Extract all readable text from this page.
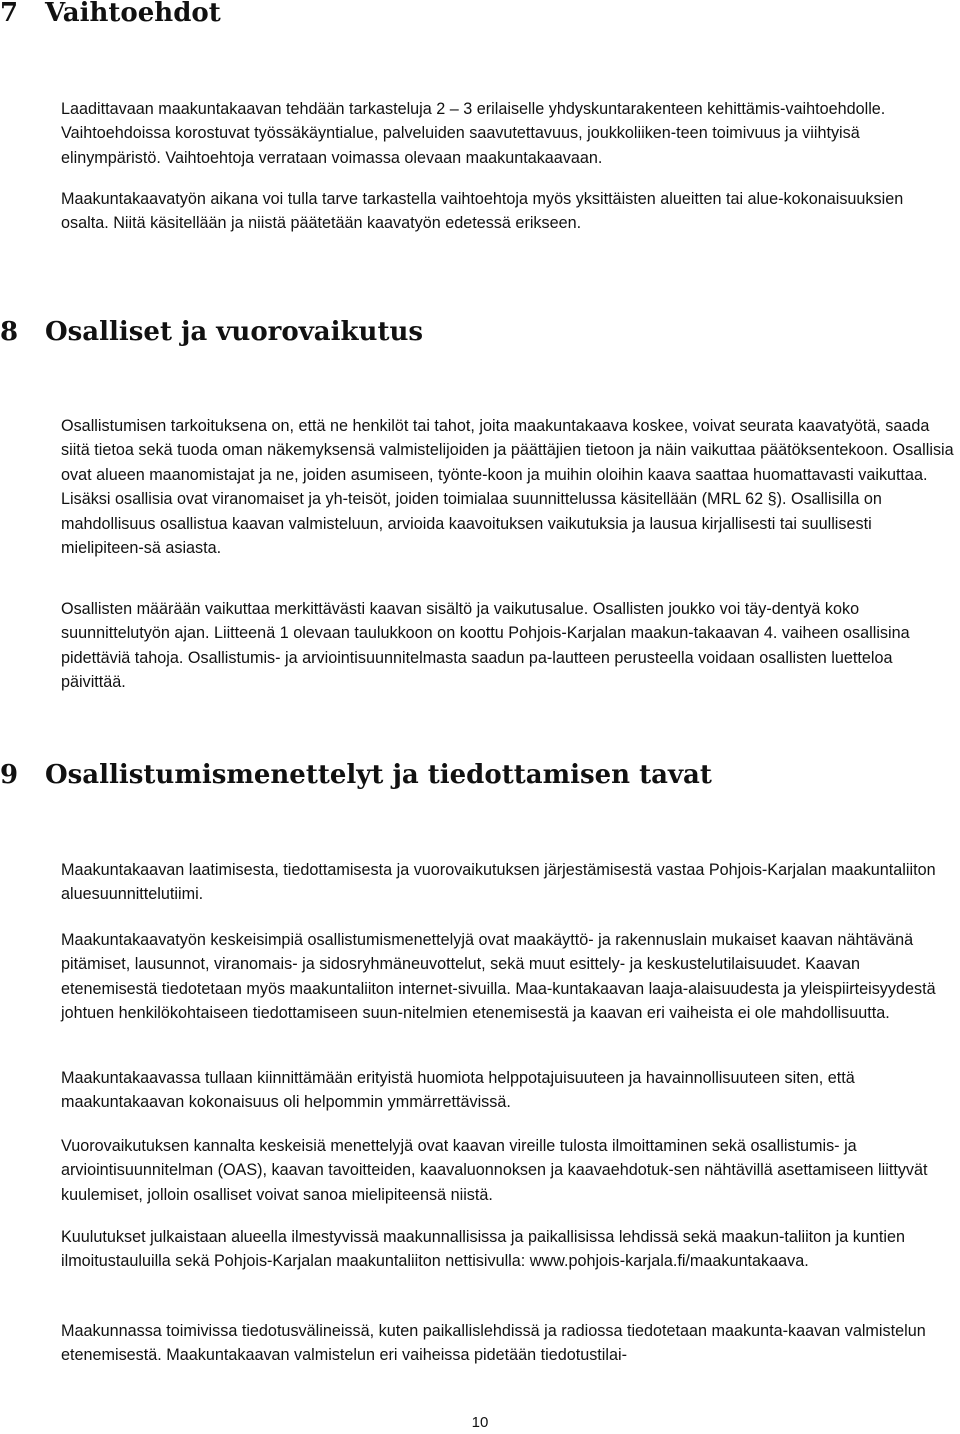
7 Vaihtoehdot

Laadittavaan maakuntakaavan tehdään tarkasteluja 2 – 3 erilaiselle yhdyskuntarakenteen kehittämis-vaihtoehdolle. Vaihtoehdoissa korostuvat työssäkäyntialue, palveluiden saavutettavuus, joukkoliiken-teen toimivuus ja viihtyisä elinympäristö. Vaihtoehtoja verrataan voimassa olevaan maakuntakaavaan.

Maakuntakaavatyön aikana voi tulla tarve tarkastella vaihtoehtoja myös yksittäisten alueitten tai alue-kokonaisuuksien osalta. Niitä käsitellään ja niistä päätetään kaavatyön edetessä erikseen.

8 Osalliset ja vuorovaikutus

Osallistumisen tarkoituksena on, että ne henkilöt tai tahot, joita maakuntakaava koskee, voivat seurata kaavatyötä, saada siitä tietoa sekä tuoda oman näkemyksensä valmistelijoiden ja päättäjien tietoon ja näin vaikuttaa päätöksentekoon. Osallisia ovat alueen maanomistajat ja ne, joiden asumiseen, työnte-koon ja muihin oloihin kaava saattaa huomattavasti vaikuttaa. Lisäksi osallisia ovat viranomaiset ja yh-teisöt, joiden toimialaa suunnittelussa käsitellään (MRL 62 §). Osallisilla on mahdollisuus osallistua kaavan valmisteluun, arvioida kaavoituksen vaikutuksia ja lausua kirjallisesti tai suullisesti mielipiteen-sä asiasta.

Osallisten määrään vaikuttaa merkittävästi kaavan sisältö ja vaikutusalue. Osallisten joukko voi täy-dentyä koko suunnittelutyön ajan. Liitteenä 1 olevaan taulukkoon on koottu Pohjois-Karjalan maakun-takaavan 4. vaiheen osallisina pidettäviä tahoja. Osallistumis- ja arviointisuunnitelmasta saadun pa-lautteen perusteella voidaan osallisten luetteloa päivittää.

9 Osallistumismenettelyt ja tiedottamisen tavat

Maakuntakaavan laatimisesta, tiedottamisesta ja vuorovaikutuksen järjestämisestä vastaa Pohjois-Karjalan maakuntaliiton aluesuunnittelutiimi.

Maakuntakaavatyön keskeisimpiä osallistumismenettelyjä ovat maakäyttö- ja rakennuslain mukaiset kaavan nähtävänä pitämiset, lausunnot, viranomais- ja sidosryhmäneuvottelut, sekä muut esittely- ja keskustelutilaisuudet. Kaavan etenemisestä tiedotetaan myös maakuntaliiton internet-sivuilla. Maa-kuntakaavan laaja-alaisuudesta ja yleispiirteisyydestä johtuen henkilökohtaiseen tiedottamiseen suun-nitelmien etenemisestä ja kaavan eri vaiheista ei ole mahdollisuutta.

Maakuntakaavassa tullaan kiinnittämään erityistä huomiota helppotajuisuuteen ja havainnollisuuteen siten, että maakuntakaavan kokonaisuus oli helpommin ymmärrettävissä.

Vuorovaikutuksen kannalta keskeisiä menettelyjä ovat kaavan vireille tulosta ilmoittaminen sekä osallistumis- ja arviointisuunnitelman (OAS), kaavan tavoitteiden, kaavaluonnoksen ja kaavaehdotuk-sen nähtävillä asettamiseen liittyvät kuulemiset, jolloin osalliset voivat sanoa mielipiteensä niistä.

Kuulutukset julkaistaan alueella ilmestyvissä maakunnallisissa ja paikallisissa lehdissä sekä maakun-taliiton ja kuntien ilmoitustauluilla sekä Pohjois-Karjalan maakuntaliiton nettisivulla: www.pohjois-karjala.fi/maakuntakaava.

Maakunnassa toimivissa tiedotusvälineissä, kuten paikallislehdissä ja radiossa tiedotetaan maakunta-kaavan valmistelun etenemisestä. Maakuntakaavan valmistelun eri vaiheissa pidetään tiedotustilai-

10
